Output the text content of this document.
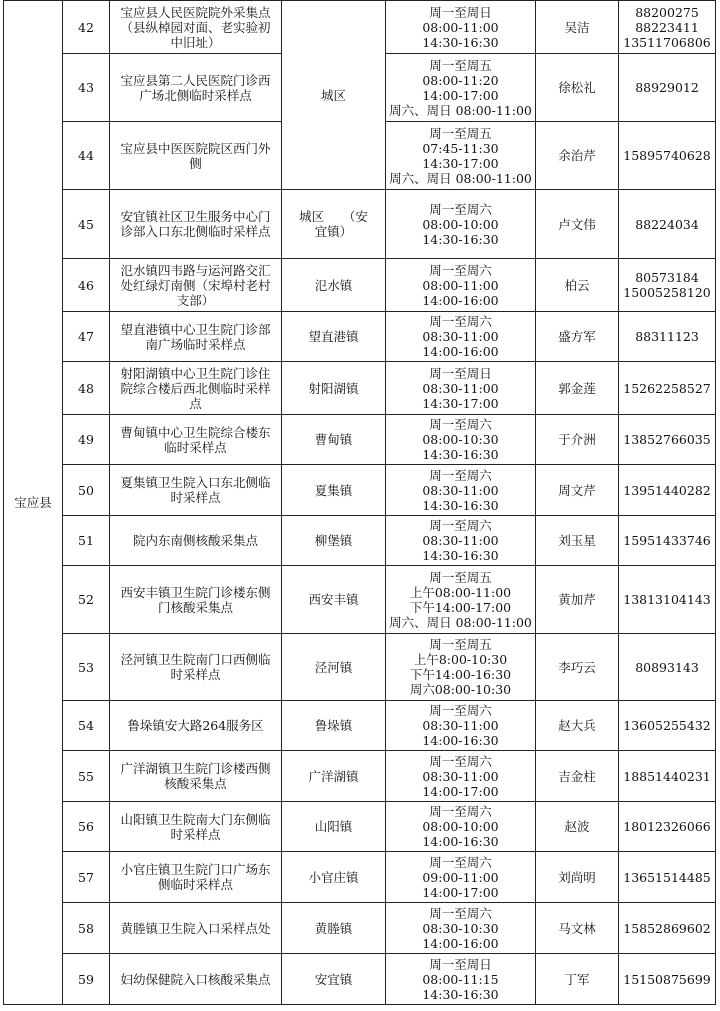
宝应县	42	宝应县人民医院院外采集点
（县纵棹园对面、老实验初
中旧址）	城区	周一至周日
08:00-11:00
14:30-16:30	吴洁	88200275
88223411
13511706806

	43	宝应县第二人民医院门诊西
广场北侧临时采样点		周一至周五
08:00-11:20
14:00-17:00
周六、周日 08:00-11:00	徐松礼	88929012

	44	宝应县中医医院院区西门外
侧		周一至周五
07:45-11:30
14:30-17:00
周六、周日 08:00-11:00	余治芹	15895740628

	45	安宜镇社区卫生服务中心门
诊部入口东北侧临时采样点	城区　　（安
宜镇）	周一至周六
08:00-10:00
14:30-16:30	卢文伟	88224034

	46	氾水镇四韦路与运河路交汇
处红绿灯南侧（宋埠村老村
支部）	氾水镇	周一至周六
08:00-11:00
14:00-16:00	柏云	80573184
15005258120

	47	望直港镇中心卫生院门诊部
南广场临时采样点	望直港镇	周一至周六
08:30-11:00
14:00-16:00	盛方军	88311123

	48	射阳湖镇中心卫生院门诊住
院综合楼后西北侧临时采样
点	射阳湖镇	周一至周日
08:30-11:00
14:30-17:00	郭金莲	15262258527

	49	曹甸镇中心卫生院综合楼东
临时采样点	曹甸镇	周一至周六
08:00-10:30
14:30-16:30	于介洲	13852766035

	50	夏集镇卫生院入口东北侧临
时采样点	夏集镇	周一至周六
08:30-11:00
14:30-16:30	周文芹	13951440282

	51	院内东南侧核酸采集点	柳堡镇	周一至周六
08:30-11:00
14:30-16:30	刘玉星	15951433746

	52	西安丰镇卫生院门诊楼东侧
门核酸采集点	西安丰镇	周一至周五
上午08:00-11:00
下午14:00-17:00
周六、周日 08:00-11:00	黄加芹	13813104143

	53	泾河镇卫生院南门口西侧临
时采样点	泾河镇	周一至周五
上午8:00-10:30
下午14:00-16:30
周六08:00-10:30	李巧云	80893143

	54	鲁垛镇安大路264服务区	鲁垛镇	周一至周六
08:30-11:00
14:00-16:30	赵大兵	13605255432

	55	广洋湖镇卫生院门诊楼西侧
核酸采集点	广洋湖镇	周一至周六
08:30-11:00
14:00-17:00	吉金柱	18851440231

	56	山阳镇卫生院南大门东侧临
时采样点	山阳镇	周一至周六
08:00-10:00
14:00-16:30	赵波	18012326066

	57	小官庄镇卫生院门口广场东
侧临时采样点	小官庄镇	周一至周六
09:00-11:00
14:00-17:00	刘尚明	13651514485

	58	黄塍镇卫生院入口采样点处	黄塍镇	周一至周六
08:30-10:30
14:00-16:00	马文林	15852869602

	59	妇幼保健院入口核酸采集点	安宜镇	周一至周日
08:00-11:15
14:30-16:30	丁军	15150875699
